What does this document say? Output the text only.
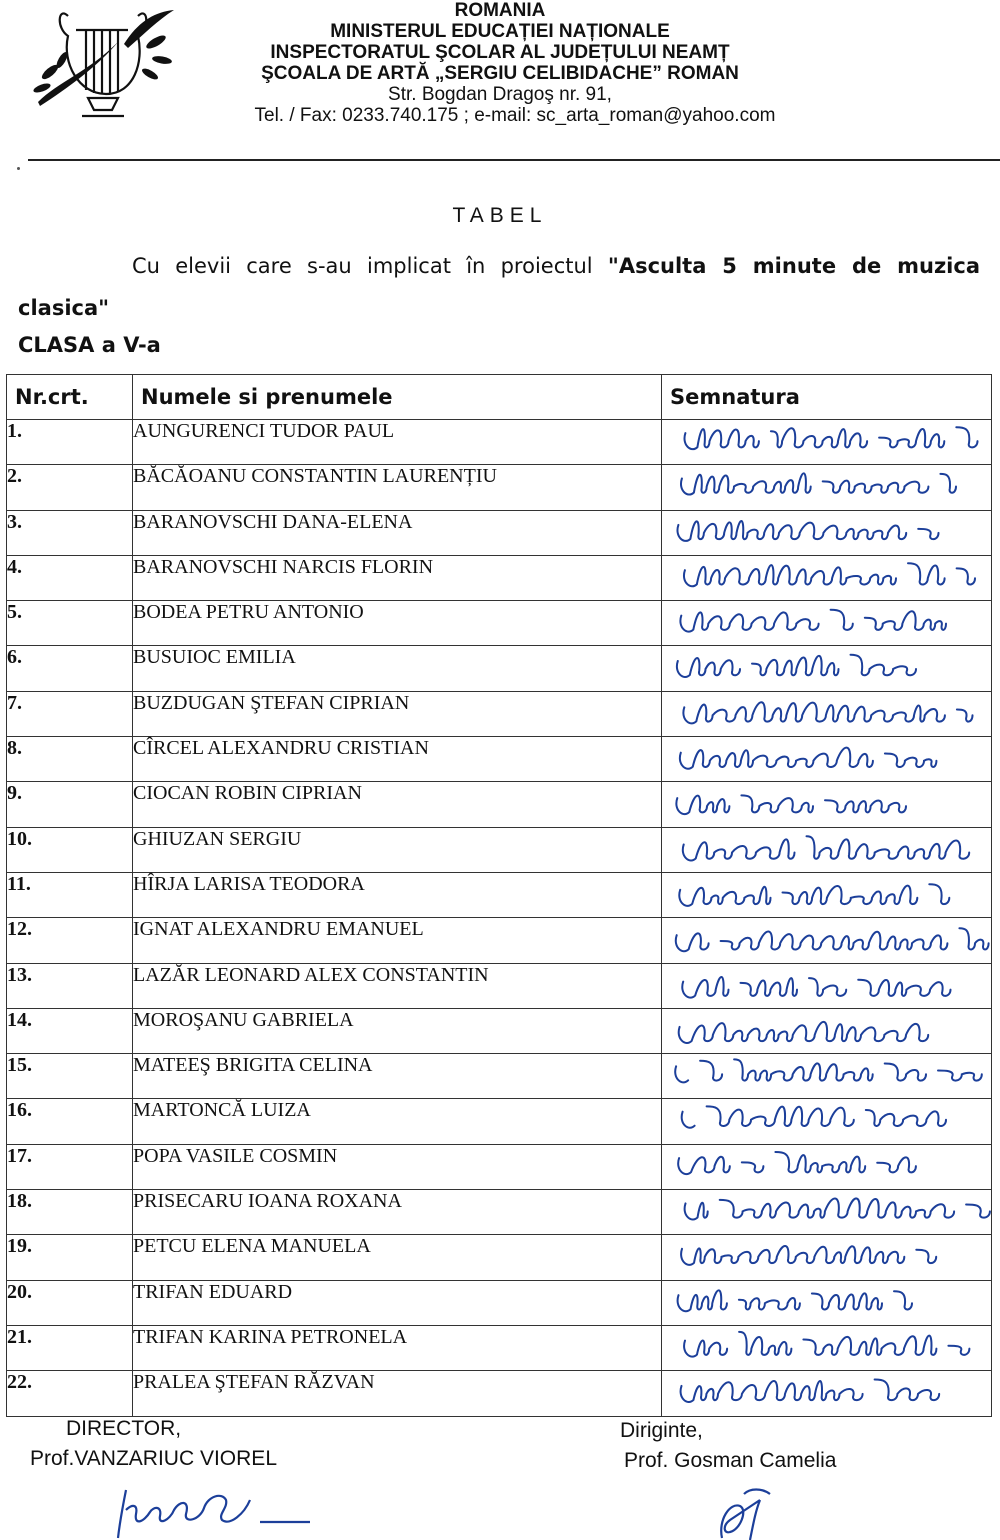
ROMANIA
MINISTERUL EDUCAȚIEI NAȚIONALE
INSPECTORATUL ŞCOLAR AL JUDEȚULUI NEAMȚ
ŞCOALA DE ARTĂ „SERGIU CELIBIDACHE” ROMAN
Str. Bogdan Dragoş nr. 91,
Tel. / Fax: 0233.740.175 ; e-mail: sc_arta_roman@yahoo.com
TABEL
Cu elevii care s-au implicat în proiectul "Asculta 5 minute de muzica clasica"
CLASA a V-a
Nr.crt.	Numele si prenumele	Semnatura
1.	AUNGURENCI TUDOR PAUL	

2.	BĂCĂOANU CONSTANTIN LAURENȚIU	

3.	BARANOVSCHI DANA-ELENA	

4.	BARANOVSCHI NARCIS FLORIN	

5.	BODEA PETRU ANTONIO	

6.	BUSUIOC EMILIA	

7.	BUZDUGAN ŞTEFAN CIPRIAN	

8.	CÎRCEL ALEXANDRU CRISTIAN	

9.	CIOCAN ROBIN CIPRIAN	

10.	GHIUZAN SERGIU	

11.	HÎRJA LARISA TEODORA	

12.	IGNAT ALEXANDRU EMANUEL	

13.	LAZĂR LEONARD ALEX CONSTANTIN	

14.	MOROŞANU GABRIELA	

15.	MATEEŞ BRIGITA CELINA	

16.	MARTONCĂ LUIZA	

17.	POPA VASILE COSMIN	

18.	PRISECARU IOANA ROXANA	

19.	PETCU ELENA MANUELA	

20.	TRIFAN EDUARD	

21.	TRIFAN KARINA PETRONELA	

22.	PRALEA ŞTEFAN RĂZVAN	
DIRECTOR,
Prof.VANZARIUC VIOREL
Diriginte,
Prof. Gosman Camelia
